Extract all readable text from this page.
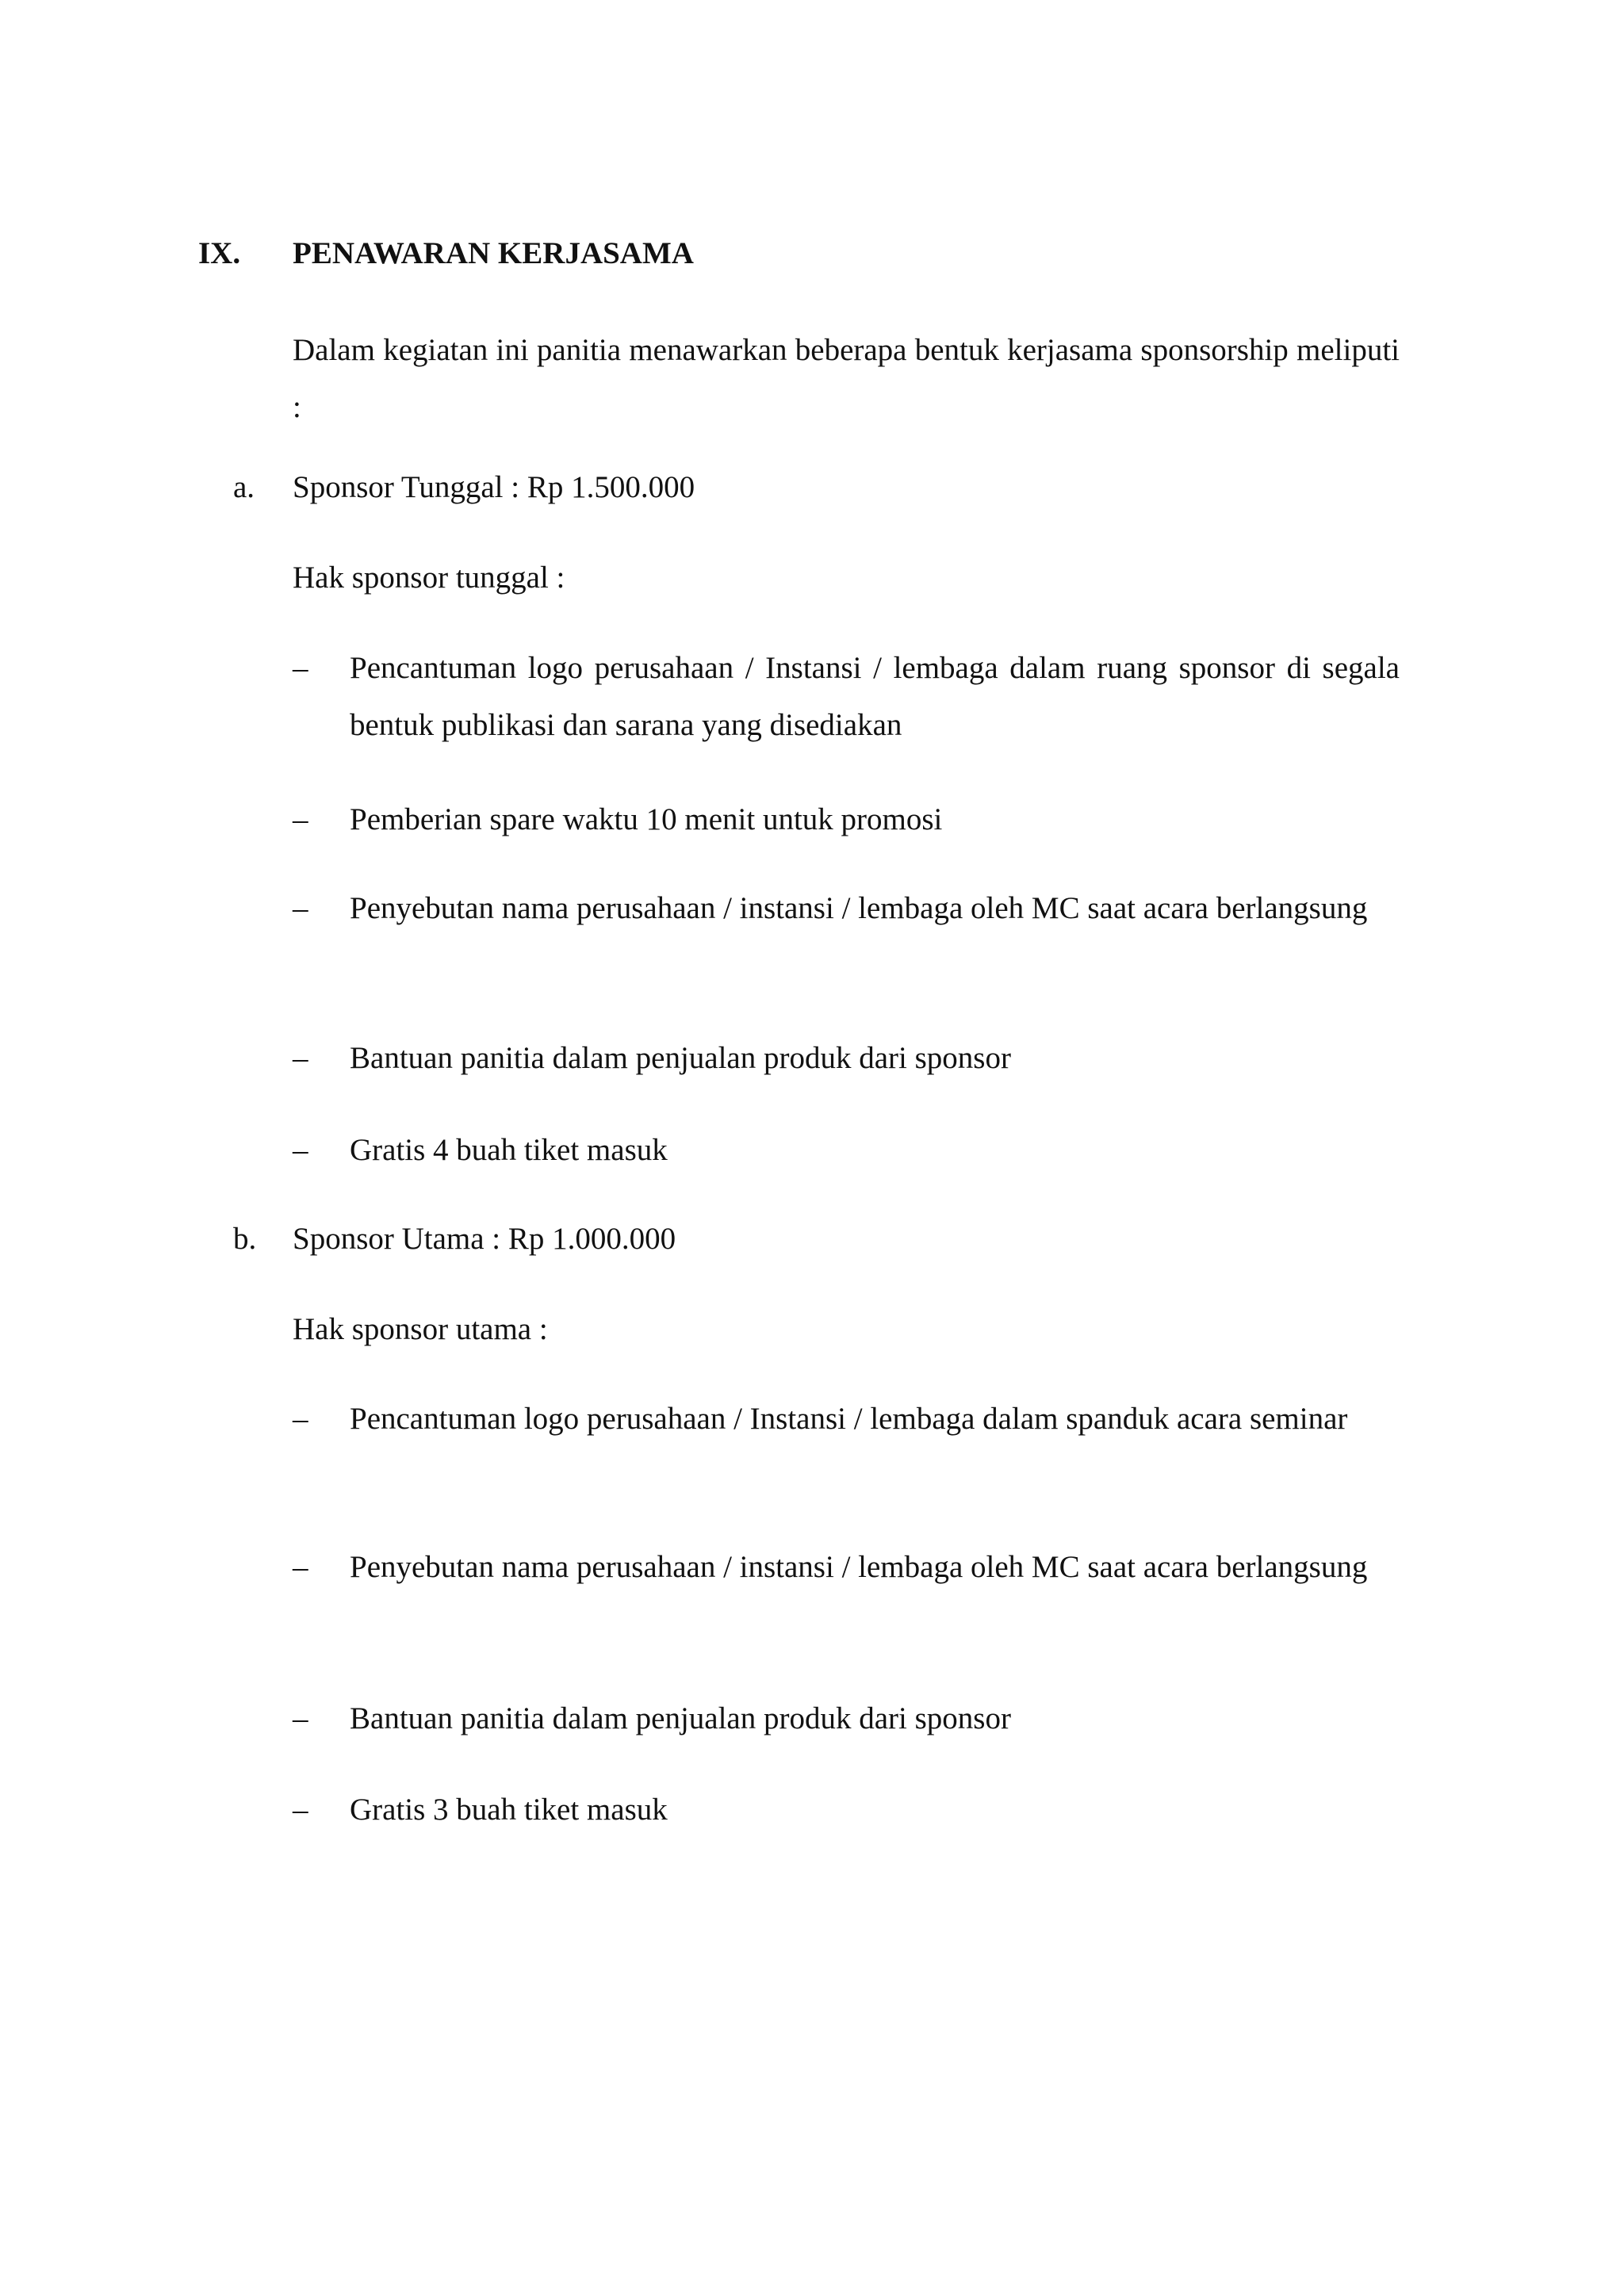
IX. PENAWARAN KERJASAMA
Dalam kegiatan ini panitia menawarkan beberapa bentuk kerjasama sponsorship meliputi :
a. Sponsor Tunggal : Rp 1.500.000
Hak sponsor tunggal :
– Pencantuman logo perusahaan / Instansi / lembaga dalam ruang sponsor di segala bentuk publikasi dan sarana yang disediakan
– Pemberian spare waktu 10 menit untuk promosi
– Penyebutan nama perusahaan / instansi / lembaga oleh MC saat acara berlangsung
– Bantuan panitia dalam penjualan produk dari sponsor
– Gratis 4 buah tiket masuk
b. Sponsor Utama : Rp 1.000.000
Hak sponsor utama :
– Pencantuman logo perusahaan / Instansi / lembaga dalam spanduk acara seminar
– Penyebutan nama perusahaan / instansi / lembaga oleh MC saat acara berlangsung
– Bantuan panitia dalam penjualan produk dari sponsor
– Gratis 3 buah tiket masuk
